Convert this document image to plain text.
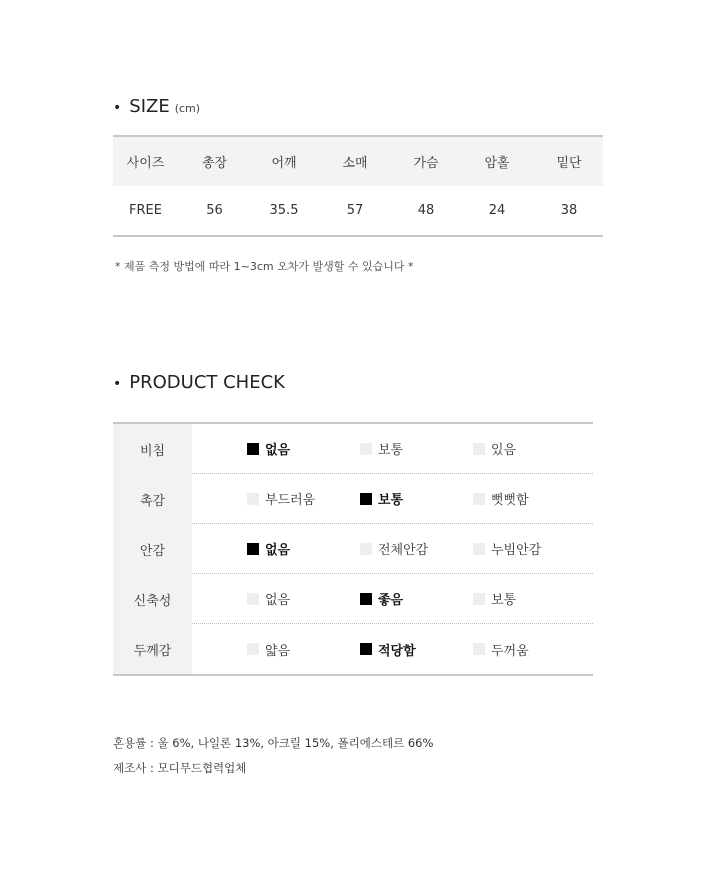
• SIZE (cm)
사이즈	총장	어깨	소매	가슴	암홀	밑단
FREE	56	35.5	57	48	24	38
* 제품 측정 방법에 따라 1~3cm 오차가 발생할 수 있습니다 *
• PRODUCT CHECK
비침	없음	보통	있음
촉감	부드러움	보통	뻣뻣함
안감	없음	전체안감	누빔안감
신축성	없음	좋음	보통
두께감	얇음	적당함	두꺼움
혼용률 : 울 6%, 나일론 13%, 아크릴 15%, 폴리에스테르 66%
제조사 : 모디무드협력업체
